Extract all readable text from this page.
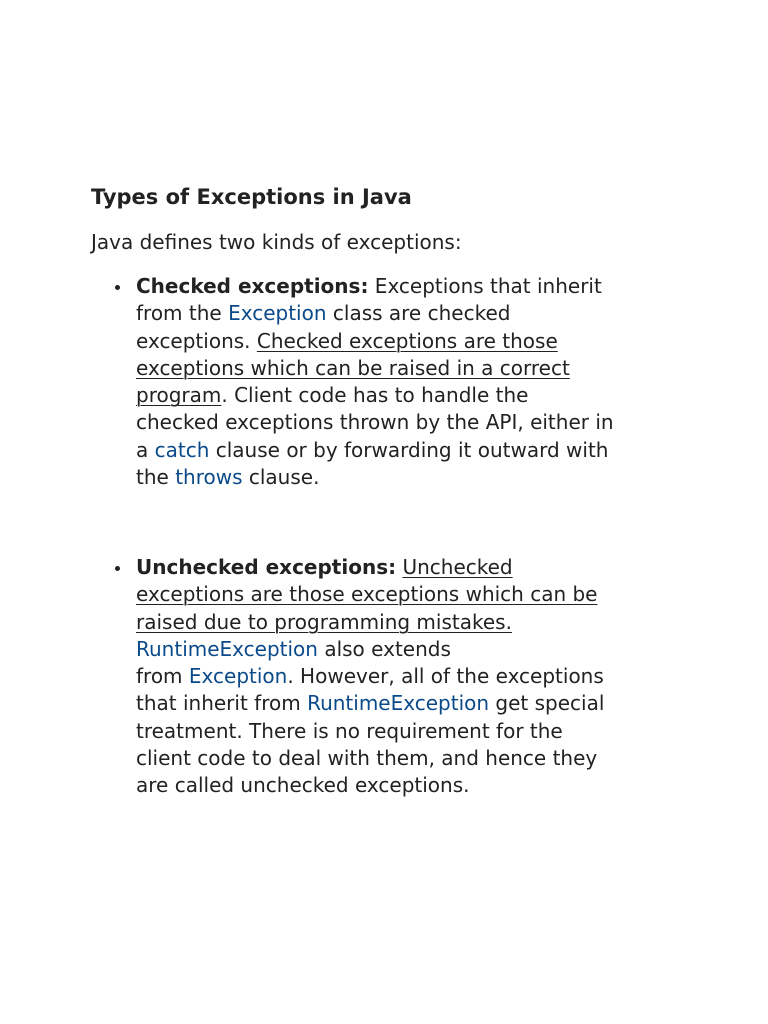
Types of Exceptions in Java

Java defines two kinds of exceptions:

Checked exceptions: Exceptions that inherit
from the Exception class are checked
exceptions. Checked exceptions are those
exceptions which can be raised in a correct
program. Client code has to handle the
checked exceptions thrown by the API, either in
a catch clause or by forwarding it outward with
the throws clause.

Unchecked exceptions: Unchecked
exceptions are those exceptions which can be
raised due to programming mistakes.
RuntimeException also extends
from Exception. However, all of the exceptions
that inherit from RuntimeException get special
treatment. There is no requirement for the
client code to deal with them, and hence they
are called unchecked exceptions.
